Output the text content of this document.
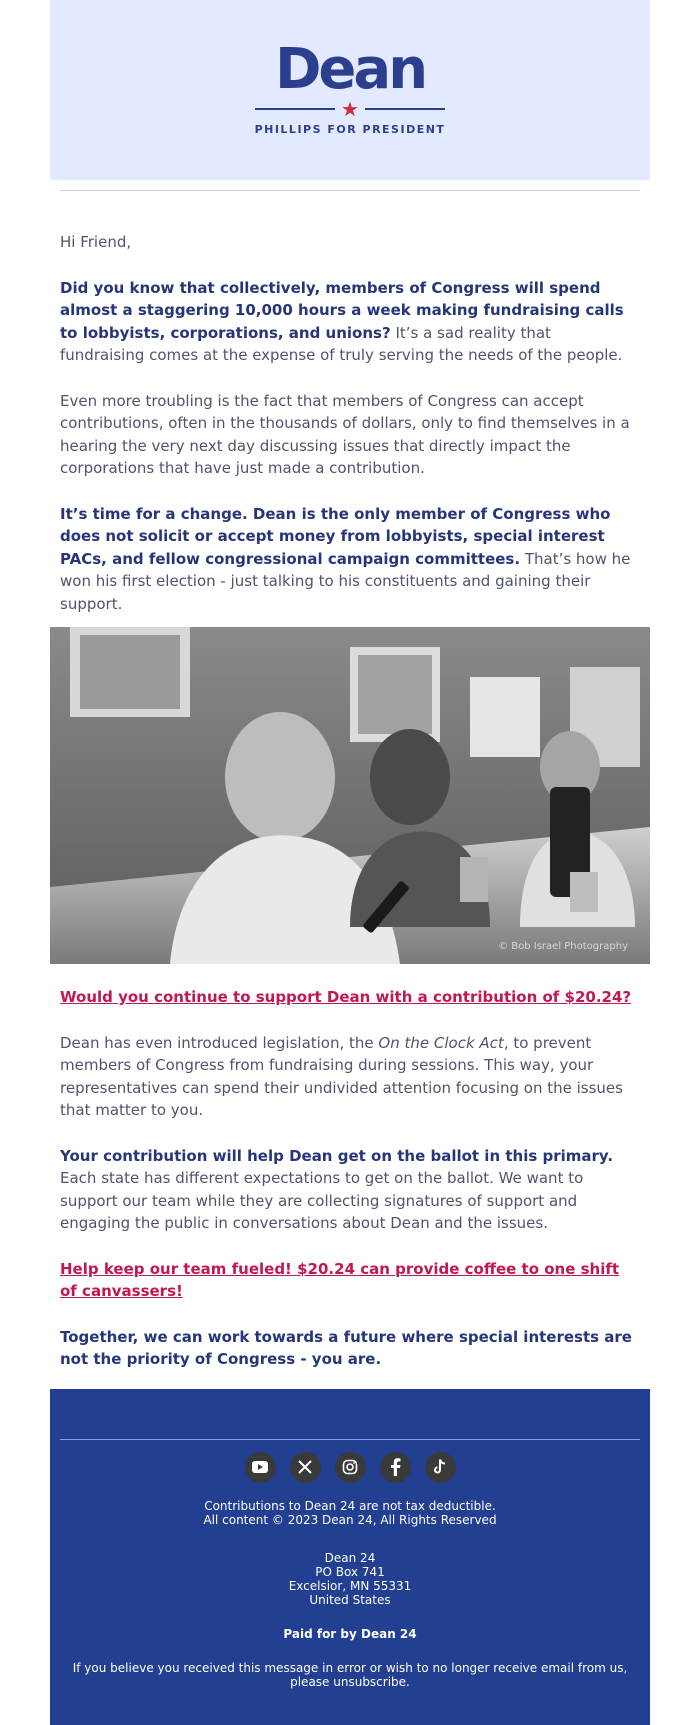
Dean
★
PHILLIPS FOR PRESIDENT

Hi Friend,

Did you know that collectively, members of Congress will spend almost a staggering 10,000 hours a week making fundraising calls to lobbyists, corporations, and unions? It’s a sad reality that fundraising comes at the expense of truly serving the needs of the people.

Even more troubling is the fact that members of Congress can accept contributions, often in the thousands of dollars, only to find themselves in a hearing the very next day discussing issues that directly impact the corporations that have just made a contribution.

It’s time for a change. Dean is the only member of Congress who does not solicit or accept money from lobbyists, special interest PACs, and fellow congressional campaign committees. That’s how he won his first election - just talking to his constituents and gaining their support.

© Bob Israel Photography

Would you continue to support Dean with a contribution of $20.24?

Dean has even introduced legislation, the On the Clock Act, to prevent members of Congress from fundraising during sessions. This way, your representatives can spend their undivided attention focusing on the issues that matter to you.

Your contribution will help Dean get on the ballot in this primary. Each state has different expectations to get on the ballot. We want to support our team while they are collecting signatures of support and engaging the public in conversations about Dean and the issues.

Help keep our team fueled! $20.24 can provide coffee to one shift of canvassers!

Together, we can work towards a future where special interests are not the priority of Congress - you are.

Contributions to Dean 24 are not tax deductible.

All content © 2023 Dean 24, All Rights Reserved

Dean 24

PO Box 741

Excelsior, MN 55331

United States

Paid for by Dean 24

If you believe you received this message in error or wish to no longer receive email from us,

please unsubscribe.
